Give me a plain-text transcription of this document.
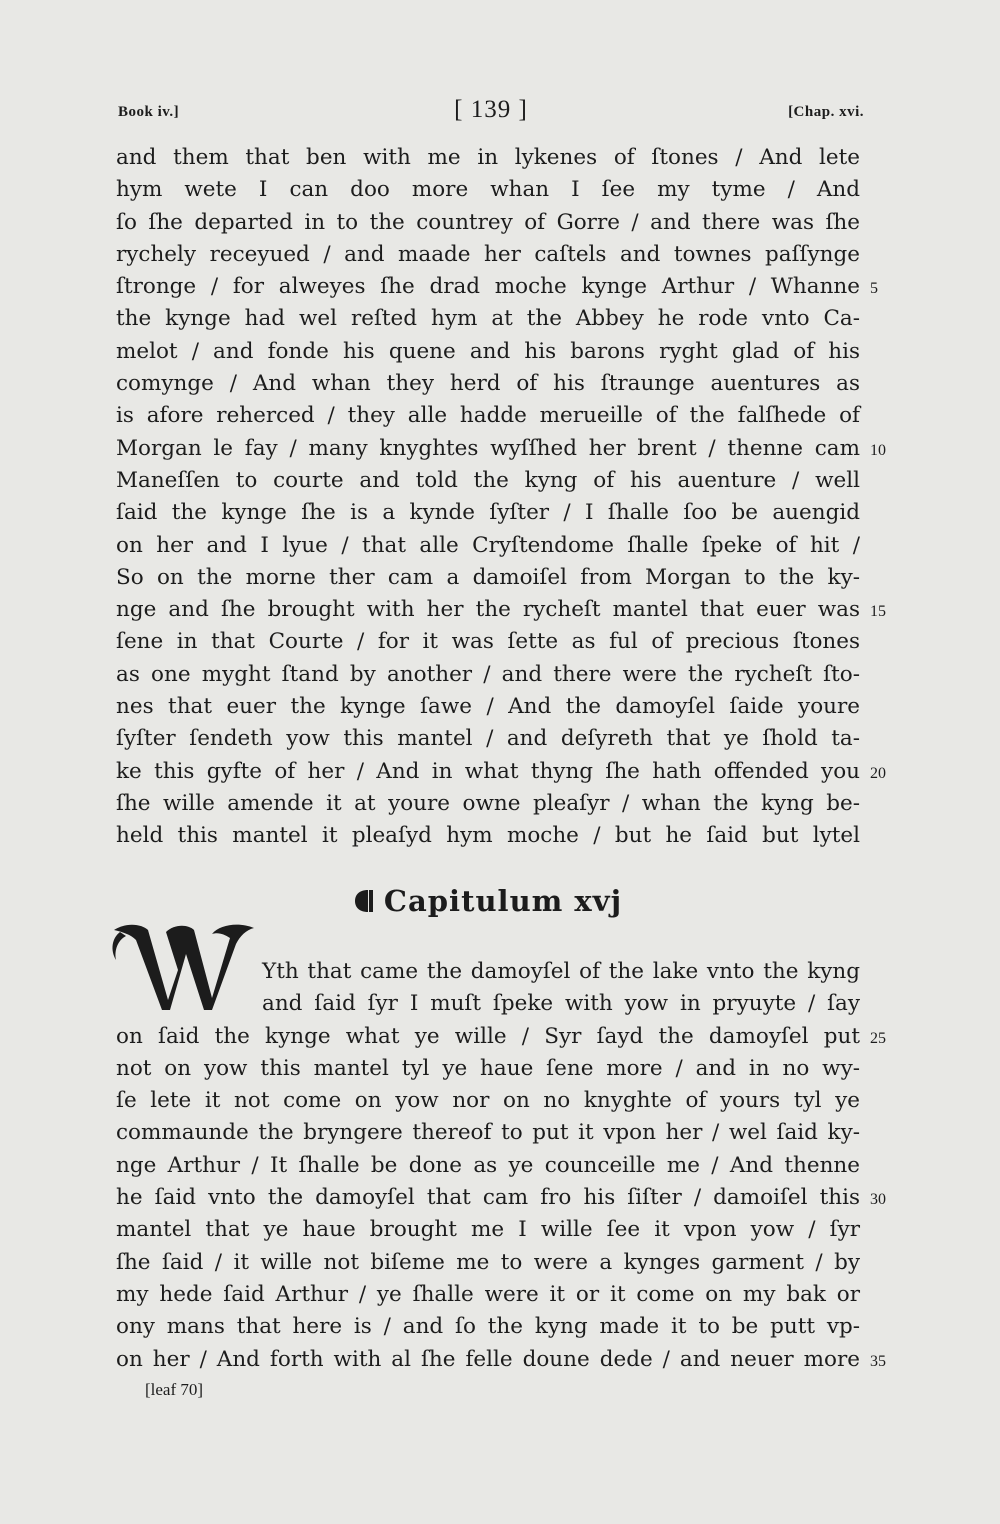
Book iv.]	[ 139 ]	[Chap. xvi.
and them that ben with me in lykenes of ſtones / And lete
hym wete I can doo more whan I ſee my tyme / And
ſo ſhe departed in to the countrey of Gorre / and there was ſhe
rychely receyued / and maade her caſtels and townes paſſynge
ſtronge / for alweyes ſhe drad moche kynge Arthur / Whanne 5
the kynge had wel reſted hym at the Abbey he rode vnto Ca-
melot / and fonde his quene and his barons ryght glad of his
comynge / And whan they herd of his ſtraunge auentures as
is afore reherced / they alle hadde merueille of the falſhede of
Morgan le fay / many knyghtes wyſſhed her brent / thenne cam 10
Maneſſen to courte and told the kyng of his auenture / well
ſaid the kynge ſhe is a kynde ſyſter / I ſhalle ſoo be auengid
on her and I lyue / that alle Cryſtendome ſhalle ſpeke of hit /
So on the morne ther cam a damoiſel from Morgan to the ky-
nge and ſhe brought with her the rycheſt mantel that euer was 15
ſene in that Courte / for it was ſette as ful of precious ſtones
as one myght ſtand by another / and there were the rycheſt ſto-
nes that euer the kynge ſawe / And the damoyſel ſaide youre
ſyſter ſendeth yow this mantel / and deſyreth that ye ſhold ta-
ke this gyfte of her / And in what thyng ſhe hath offended you 20
ſhe wille amende it at youre owne pleaſyr / whan the kyng be-
held this mantel it pleaſyd hym moche / but he ſaid but lytel
Capitulum xvj
W
Yth that came the damoyſel of the lake vnto the kyng
and ſaid ſyr I muſt ſpeke with yow in pryuyte / ſay
on ſaid the kynge what ye wille / Syr ſayd the damoyſel put 25
not on yow this mantel tyl ye haue ſene more / and in no wy-
ſe lete it not come on yow nor on no knyghte of yours tyl ye
commaunde the bryngere thereof to put it vpon her / wel ſaid ky-
nge Arthur / It ſhalle be done as ye counceille me / And thenne
he ſaid vnto the damoyſel that cam fro his ſiſter / damoiſel this 30
mantel that ye haue brought me I wille ſee it vpon yow / ſyr
ſhe ſaid / it wille not biſeme me to were a kynges garment / by
my hede ſaid Arthur / ye ſhalle were it or it come on my bak or
ony mans that here is / and ſo the kyng made it to be putt vp-
on her / And forth with al ſhe felle doune dede / and neuer more 35
[leaf 70]
